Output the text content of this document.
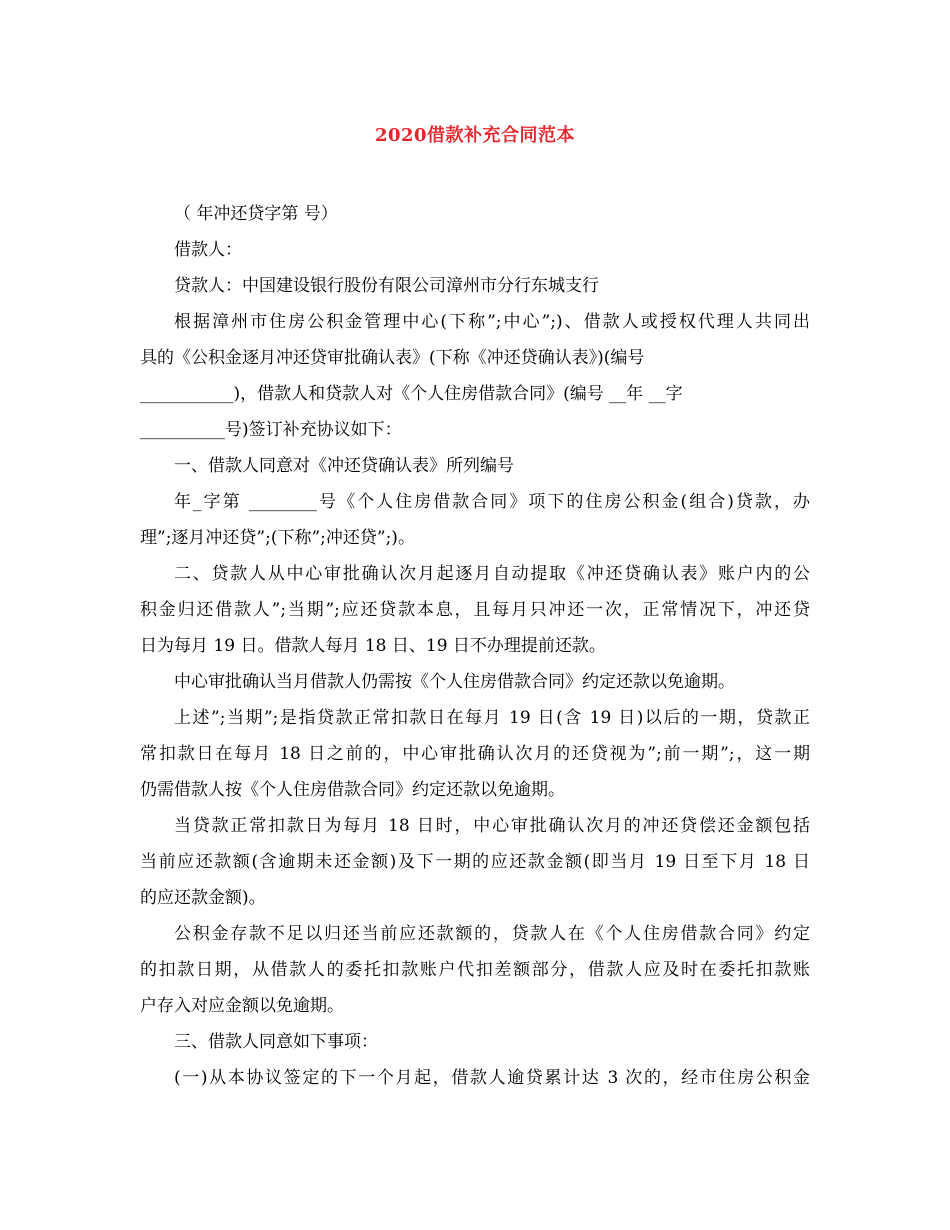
2020借款补充合同范本
（ 年冲还贷字第 号）
借款人：
贷款人：中国建设银行股份有限公司漳州市分行东城支行
根据漳州市住房公积金管理中心(下称”;中心”;)、借款人或授权代理人共同出
具的《公积金逐月冲还贷审批确认表》(下称《冲还贷确认表》)(编号
___________)，借款人和贷款人对《个人住房借款合同》(编号 __年 __字
__________号)签订补充协议如下：
一、借款人同意对《冲还贷确认表》所列编号
年_字第 ________号《个人住房借款合同》项下的住房公积金(组合)贷款，办
理”;逐月冲还贷”;(下称”;冲还贷”;)。
二、贷款人从中心审批确认次月起逐月自动提取《冲还贷确认表》账户内的公
积金归还借款人”;当期”;应还贷款本息，且每月只冲还一次，正常情况下，冲还贷
日为每月 19 日。借款人每月 18 日、19 日不办理提前还款。
中心审批确认当月借款人仍需按《个人住房借款合同》约定还款以免逾期。
上述”;当期”;是指贷款正常扣款日在每月 19 日(含 19 日)以后的一期，贷款正
常扣款日在每月 18 日之前的，中心审批确认次月的还贷视为”;前一期”;，这一期
仍需借款人按《个人住房借款合同》约定还款以免逾期。
当贷款正常扣款日为每月 18 日时，中心审批确认次月的冲还贷偿还金额包括
当前应还款额(含逾期未还金额)及下一期的应还款金额(即当月 19 日至下月 18 日
的应还款金额)。
公积金存款不足以归还当前应还款额的，贷款人在《个人住房借款合同》约定
的扣款日期，从借款人的委托扣款账户代扣差额部分，借款人应及时在委托扣款账
户存入对应金额以免逾期。
三、借款人同意如下事项：
(一)从本协议签定的下一个月起，借款人逾贷累计达 3 次的，经市住房公积金
